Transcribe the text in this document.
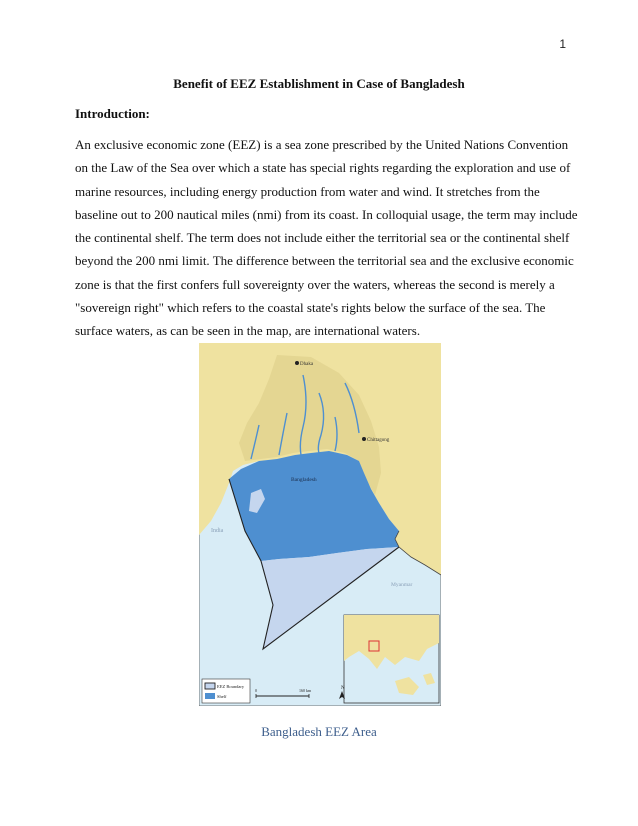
1
Benefit of EEZ Establishment in Case of Bangladesh
Introduction:

An exclusive economic zone (EEZ) is a sea zone prescribed by the United Nations Convention
on the Law of the Sea over which a state has special rights regarding the exploration and use of
marine resources, including energy production from water and wind. It stretches from the
baseline out to 200 nautical miles (nmi) from its coast. In colloquial usage, the term may include
the continental shelf. The term does not include either the territorial sea or the continental shelf
beyond the 200 nmi limit. The difference between the territorial sea and the exclusive economic
zone is that the first confers full sovereignty over the waters, whereas the second is merely a
"sovereign right" which refers to the coastal state's rights below the surface of the sea. The
surface waters, as can be seen in the map, are international waters.

Dhaka
Chittagong
Bangladesh
India
Myanmar
EEZ Boundary
Shelf
0	160 km	N
Bangladesh EEZ Area
